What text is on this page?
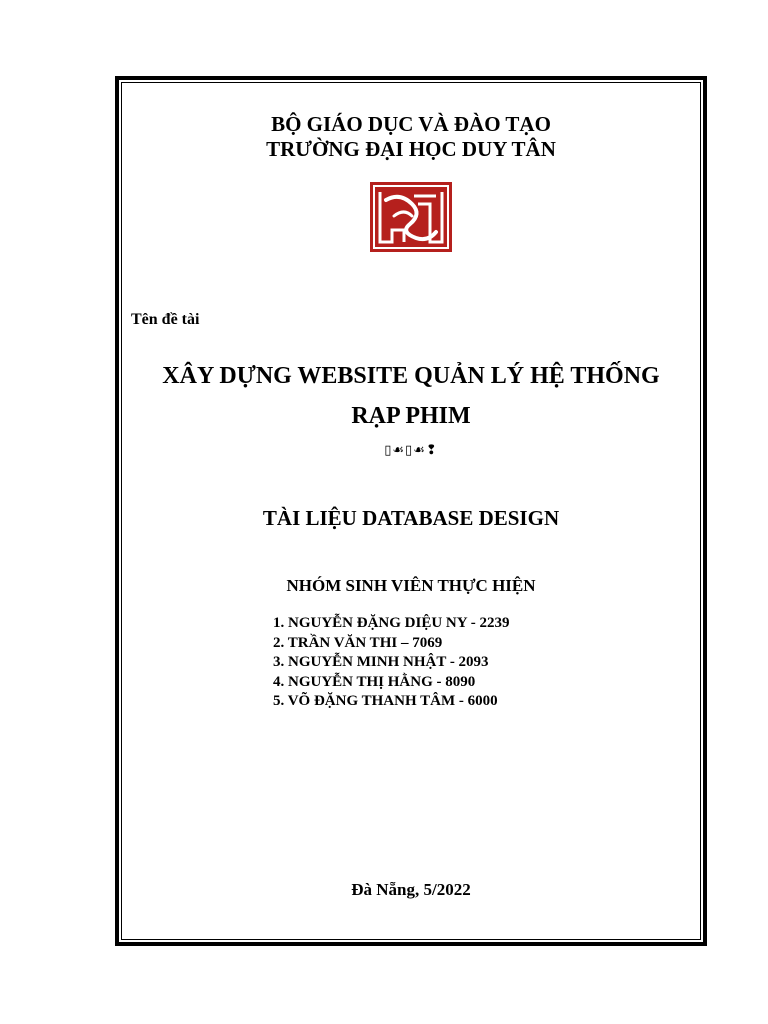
BỘ GIÁO DỤC VÀ ĐÀO TẠO
TRƯỜNG ĐẠI HỌC DUY TÂN
Tên đề tài
XÂY DỰNG WEBSITE QUẢN LÝ HỆ THỐNG
RẠP PHIM
▯☙▯☙❢
TÀI LIỆU DATABASE DESIGN
NHÓM SINH VIÊN THỰC HIỆN
1. NGUYỄN ĐẶNG DIỆU NY - 2239
2. TRẦN VĂN THI – 7069
3. NGUYỄN MINH NHẬT - 2093
4. NGUYỄN THỊ HẰNG - 8090
5. VÕ ĐẶNG THANH TÂM - 6000
Đà Nẵng, 5/2022
